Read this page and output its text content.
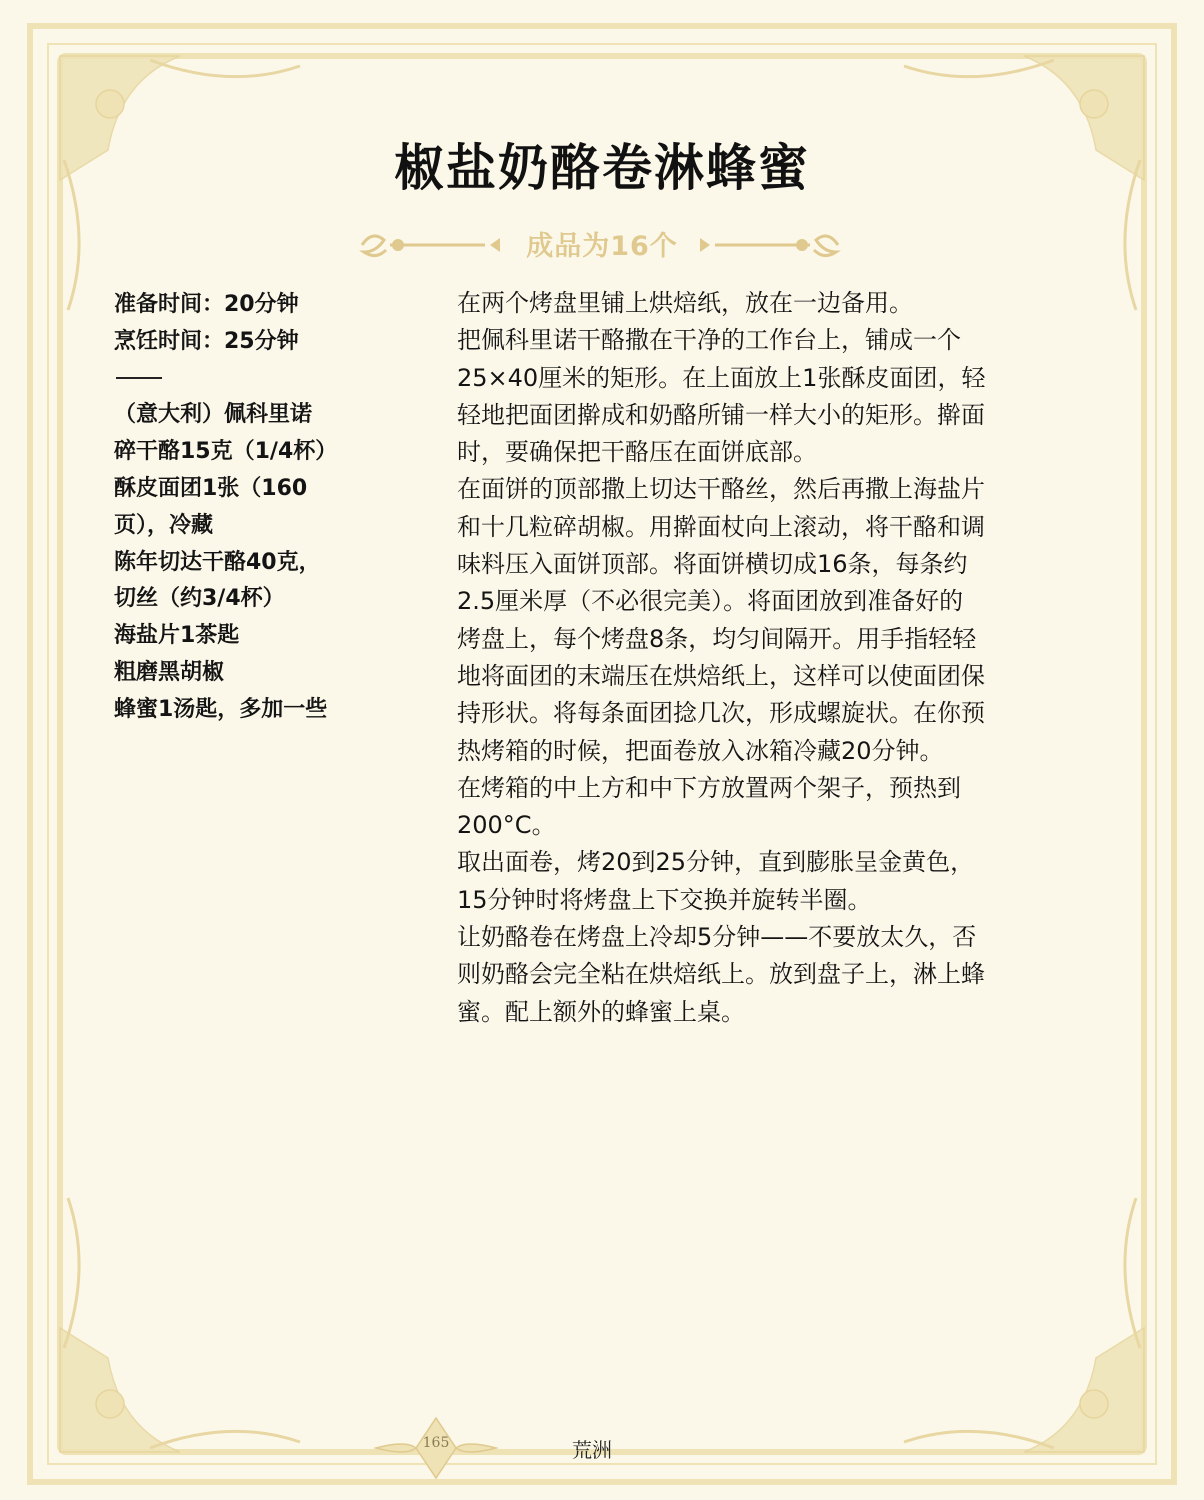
椒盐奶酪卷淋蜂蜜
成品为16个
准备时间：20分钟
烹饪时间：25分钟
（意大利）佩科里诺
碎干酪15克（1/4杯）
酥皮面团1张（160
页），冷藏
陈年切达干酪40克，
切丝（约3/4杯）
海盐片1茶匙
粗磨黑胡椒
蜂蜜1汤匙，多加一些
在两个烤盘里铺上烘焙纸，放在一边备用。
把佩科里诺干酪撒在干净的工作台上，铺成一个
25×40厘米的矩形。在上面放上1张酥皮面团，轻
轻地把面团擀成和奶酪所铺一样大小的矩形。擀面
时，要确保把干酪压在面饼底部。
在面饼的顶部撒上切达干酪丝，然后再撒上海盐片
和十几粒碎胡椒。用擀面杖向上滚动，将干酪和调
味料压入面饼顶部。将面饼横切成16条，每条约
2.5厘米厚（不必很完美）。将面团放到准备好的
烤盘上，每个烤盘8条，均匀间隔开。用手指轻轻
地将面团的末端压在烘焙纸上，这样可以使面团保
持形状。将每条面团捻几次，形成螺旋状。在你预
热烤箱的时候，把面卷放入冰箱冷藏20分钟。
在烤箱的中上方和中下方放置两个架子，预热到
200°C。
取出面卷，烤20到25分钟，直到膨胀呈金黄色，
15分钟时将烤盘上下交换并旋转半圈。
让奶酪卷在烤盘上冷却5分钟——不要放太久，否
则奶酪会完全粘在烘焙纸上。放到盘子上，淋上蜂
蜜。配上额外的蜂蜜上桌。
165	荒洲
